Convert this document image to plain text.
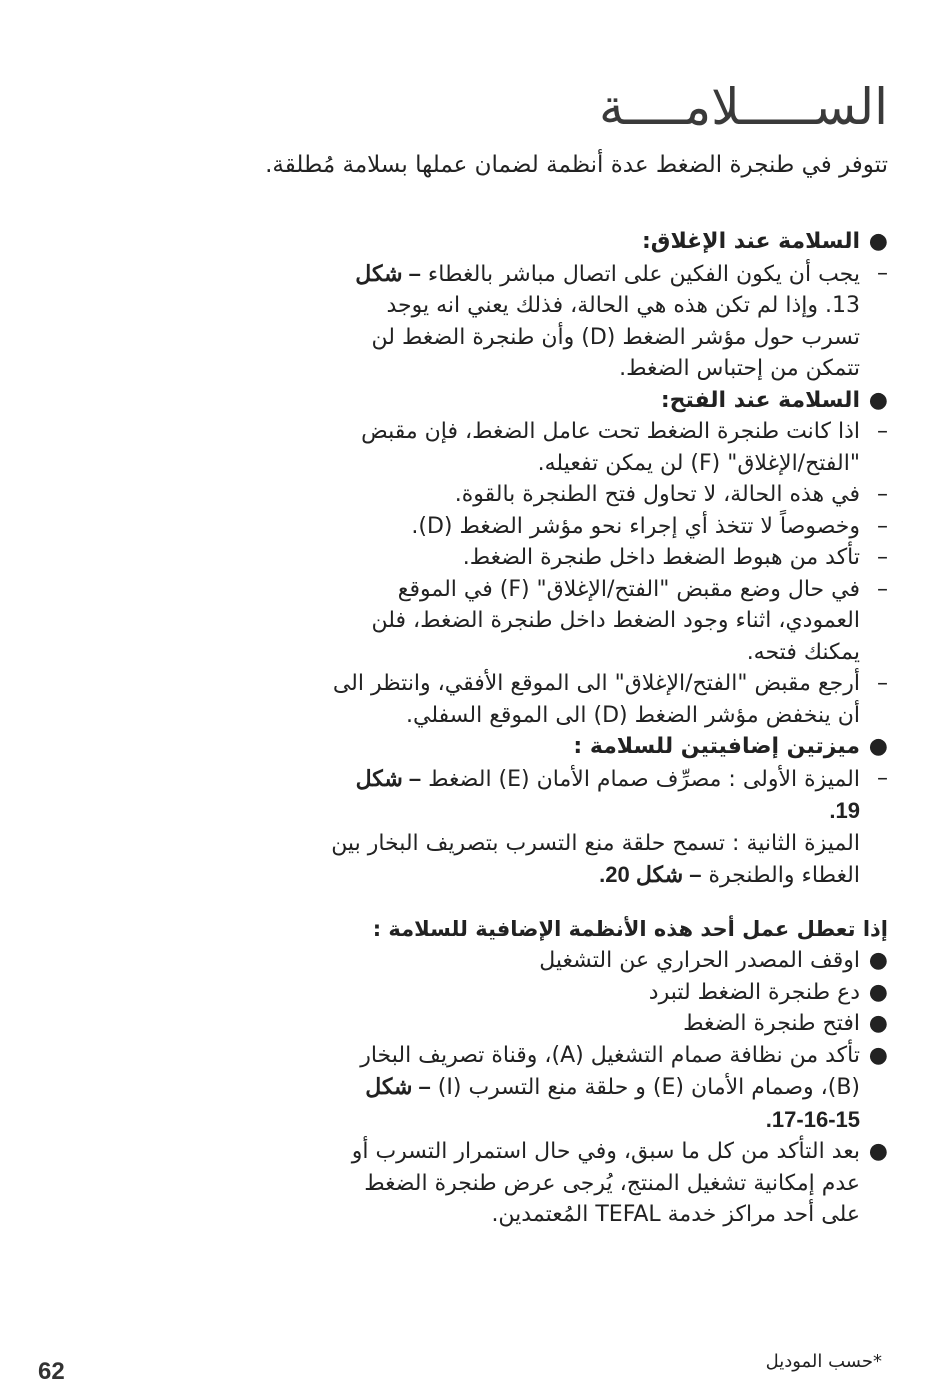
الســـــلامــــة

تتوفر في طنجرة الضغط عدة أنظمة لضمان عملها بسلامة مُطلقة.

●
السلامة عند الإغلاق:

–
يجب أن يكون الفكين على اتصال مباشر بالغطاء – شكل 13. وإذا لم تكن هذه هي الحالة، فذلك يعني انه يوجد تسرب حول مؤشر الضغط (D) وأن طنجرة الضغط لن تتمكن من إحتباس الضغط.

●
السلامة عند الفتح:

–
اذا كانت طنجرة الضغط تحت عامل الضغط، فإن مقبض "الفتح/الإغلاق" (F) لن يمكن تفعيله.

–
في هذه الحالة، لا تحاول فتح الطنجرة بالقوة.

–
وخصوصاً لا تتخذ أي إجراء نحو مؤشر الضغط (D).

–
تأكد من هبوط الضغط داخل طنجرة الضغط.

–
في حال وضع مقبض "الفتح/الإغلاق" (F) في الموقع العمودي، اثناء وجود الضغط داخل طنجرة الضغط، فلن يمكنك فتحه.

–
أرجع مقبض "الفتح/الإغلاق" الى الموقع الأفقي، وانتظر الى أن ينخفض مؤشر الضغط (D) الى الموقع السفلي.

●
ميزتين إضافيتين للسلامة :

–
الميزة الأولى : مصرِّف صمام الأمان (E) الضغط – شكل 19.

الميزة الثانية : تسمح حلقة منع التسرب بتصريف البخار بين الغطاء والطنجرة – شكل 20.

إذا تعطل عمل أحد هذه الأنظمة الإضافية للسلامة :

●
اوقف المصدر الحراري عن التشغيل

●
دع طنجرة الضغط لتبرد

●
افتح طنجرة الضغط

●
تأكد من نظافة صمام التشغيل (A)، وقناة تصريف البخار (B)، وصمام الأمان (E) و حلقة منع التسرب (I) – شكل 15-16-17.

●
بعد التأكد من كل ما سبق، وفي حال استمرار التسرب أو عدم إمكانية تشغيل المنتج، يُرجى عرض طنجرة الضغط على أحد مراكز خدمة TEFAL المُعتمدين.

*حسب الموديل
62
